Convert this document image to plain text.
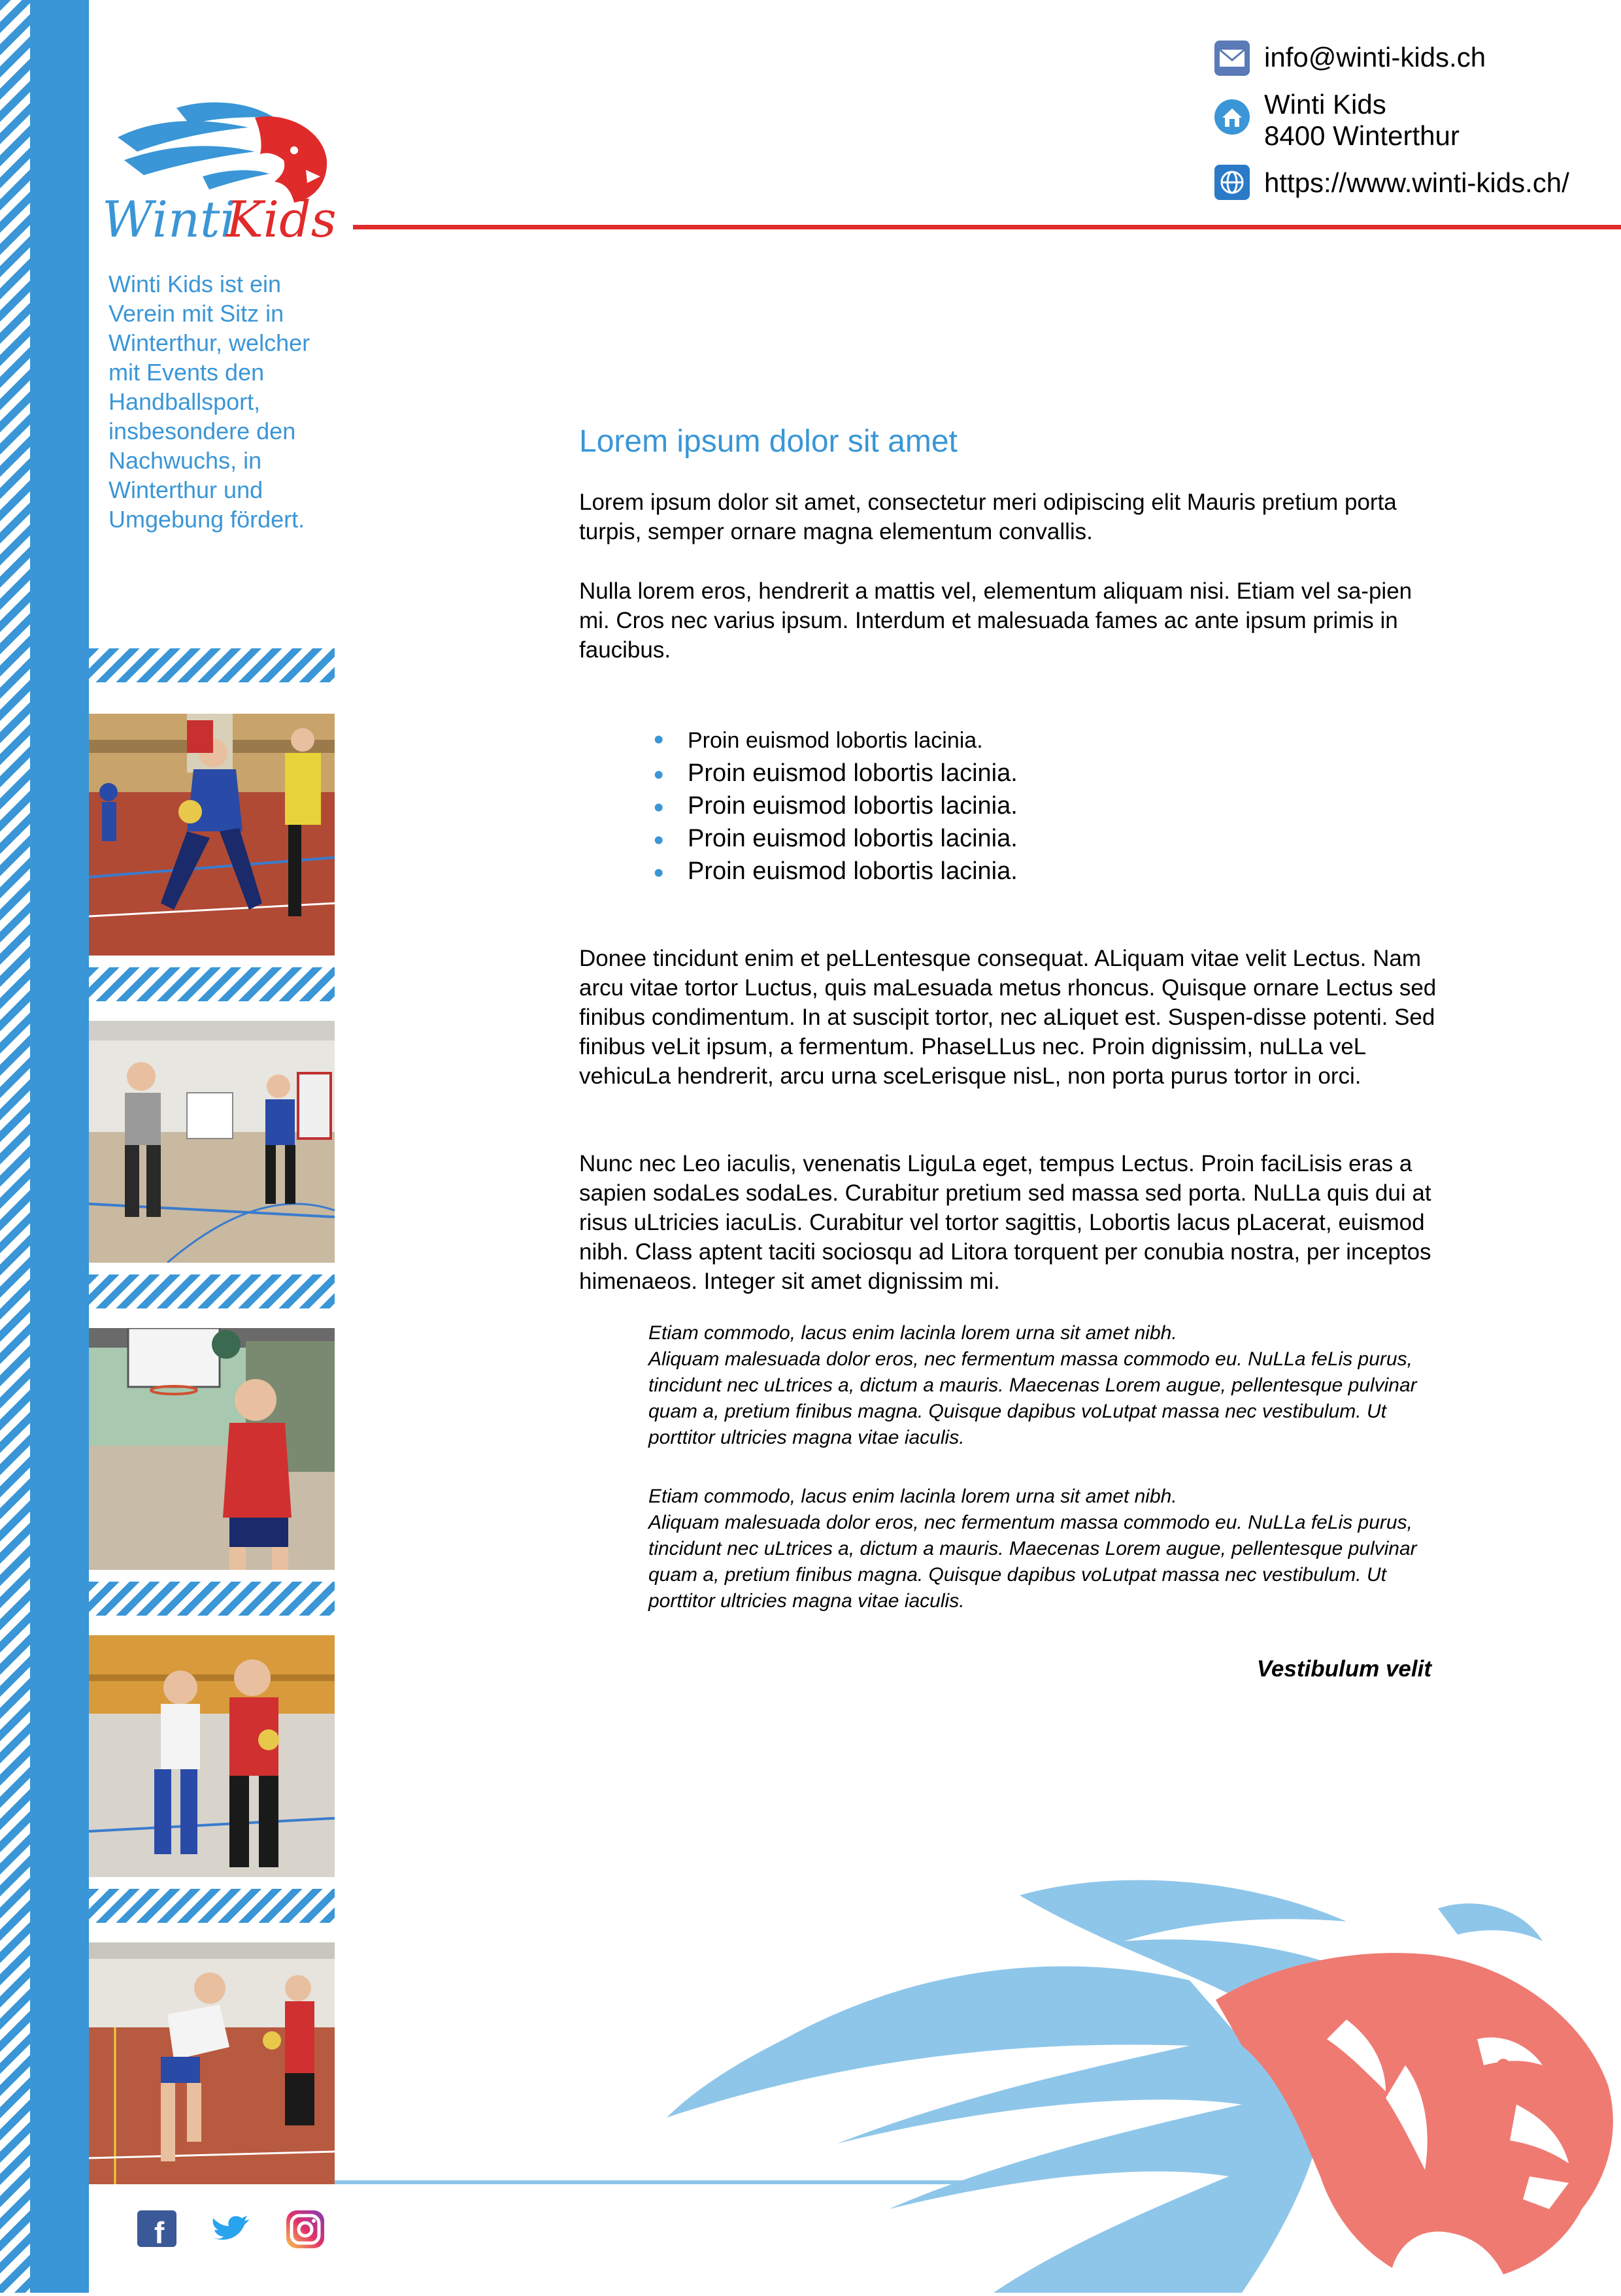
Winti
Kids
Winti Kids
Winti Kids ist ein Verein mit Sitz in Winterthur, welcher mit Events den Handballsport, insbesondere den Nachwuchs, in Winterthur und Umgebung fördert.
f
info@winti-kids.ch
Winti Kids
8400 Winterthur
https://www.winti-kids.ch/
Lorem ipsum dolor sit amet
Lorem ipsum dolor sit amet, consectetur meri odipiscing elit Mauris pretium porta turpis, semper ornare magna elementum convallis.
Nulla lorem eros, hendrerit a mattis vel, elementum aliquam nisi. Etiam vel sa-pien mi. Cros nec varius ipsum. Interdum et malesuada fames ac ante ipsum primis in faucibus.
• Proin euismod lobortis lacinia.
• Proin euismod lobortis lacinia.
• Proin euismod lobortis lacinia.
• Proin euismod lobortis lacinia.
• Proin euismod lobortis lacinia.
Donee tincidunt enim et peLLentesque consequat. ALiquam vitae velit Lectus. Nam arcu vitae tortor Luctus, quis maLesuada metus rhoncus. Quisque ornare Lectus sed finibus condimentum. In at suscipit tortor, nec aLiquet est. Suspen-disse potenti. Sed finibus veLit ipsum, a fermentum. PhaseLLus nec. Proin dignissim, nuLLa veL vehicuLa hendrerit, arcu urna sceLerisque nisL, non porta purus tortor in orci.
Nunc nec Leo iaculis, venenatis LiguLa eget, tempus Lectus. Proin faciLisis eras a sapien sodaLes sodaLes. Curabitur pretium sed massa sed porta. NuLLa quis dui at risus uLtricies iacuLis. Curabitur vel tortor sagittis, Lobortis lacus pLacerat, euismod nibh. Class aptent taciti sociosqu ad Litora torquent per conubia nostra, per inceptos himenaeos. Integer sit amet dignissim mi.
Etiam commodo, lacus enim lacinla lorem urna sit amet nibh.
Aliquam malesuada dolor eros, nec fermentum massa commodo eu. NuLLa feLis purus, tincidunt nec uLtrices a, dictum a mauris. Maecenas Lorem augue, pellentesque pulvinar quam a, pretium finibus magna. Quisque dapibus voLutpat massa nec vestibulum. Ut porttitor ultricies magna vitae iaculis.
Etiam commodo, lacus enim lacinla lorem urna sit amet nibh.
Aliquam malesuada dolor eros, nec fermentum massa commodo eu. NuLLa feLis purus, tincidunt nec uLtrices a, dictum a mauris. Maecenas Lorem augue, pellentesque pulvinar quam a, pretium finibus magna. Quisque dapibus voLutpat massa nec vestibulum. Ut porttitor ultricies magna vitae iaculis.
Vestibulum velit
